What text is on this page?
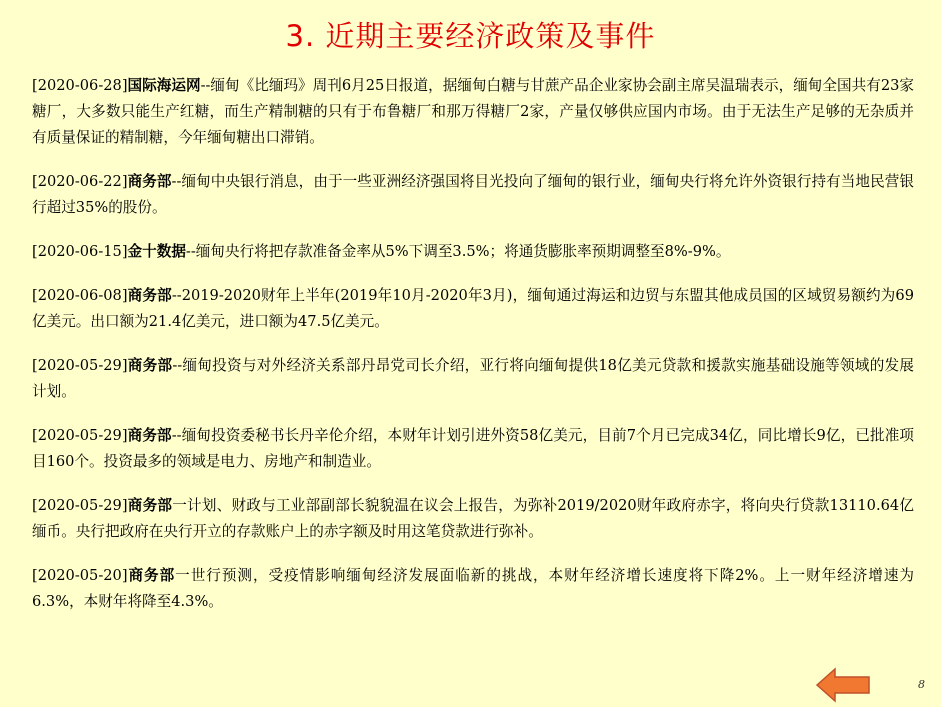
3. 近期主要经济政策及事件

[2020-06-28]国际海运网--缅甸《比缅玛》周刊6月25日报道，据缅甸白糖与甘蔗产品企业家协会副主席吴温瑞表示，缅甸全国共有23家糖厂，大多数只能生产红糖，而生产精制糖的只有于布鲁糖厂和那万得糖厂2家，产量仅够供应国内市场。由于无法生产足够的无杂质并有质量保证的精制糖，今年缅甸糖出口滞销。

[2020-06-22]商务部--缅甸中央银行消息，由于一些亚洲经济强国将目光投向了缅甸的银行业，缅甸央行将允许外资银行持有当地民营银行超过35%的股份。

[2020-06-15]金十数据--缅甸央行将把存款准备金率从5%下调至3.5%；将通货膨胀率预期调整至8%-9%。

[2020-06-08]商务部--2019-2020财年上半年(2019年10月-2020年3月)，缅甸通过海运和边贸与东盟其他成员国的区域贸易额约为69亿美元。出口额为21.4亿美元，进口额为47.5亿美元。

[2020-05-29]商务部--缅甸投资与对外经济关系部丹昂党司长介绍，亚行将向缅甸提供18亿美元贷款和援款实施基础设施等领域的发展计划。

[2020-05-29]商务部--缅甸投资委秘书长丹辛伦介绍，本财年计划引进外资58亿美元，目前7个月已完成34亿，同比增长9亿，已批准项目160个。投资最多的领域是电力、房地产和制造业。

[2020-05-29]商务部一计划、财政与工业部副部长貌貌温在议会上报告，为弥补2019/2020财年政府赤字，将向央行贷款13110.64亿缅币。央行把政府在央行开立的存款账户上的赤字额及时用这笔贷款进行弥补。

[2020-05-20]商务部一世行预测，受疫情影响缅甸经济发展面临新的挑战，本财年经济增长速度将下降2%。上一财年经济增速为6.3%，本财年将降至4.3%。

8
